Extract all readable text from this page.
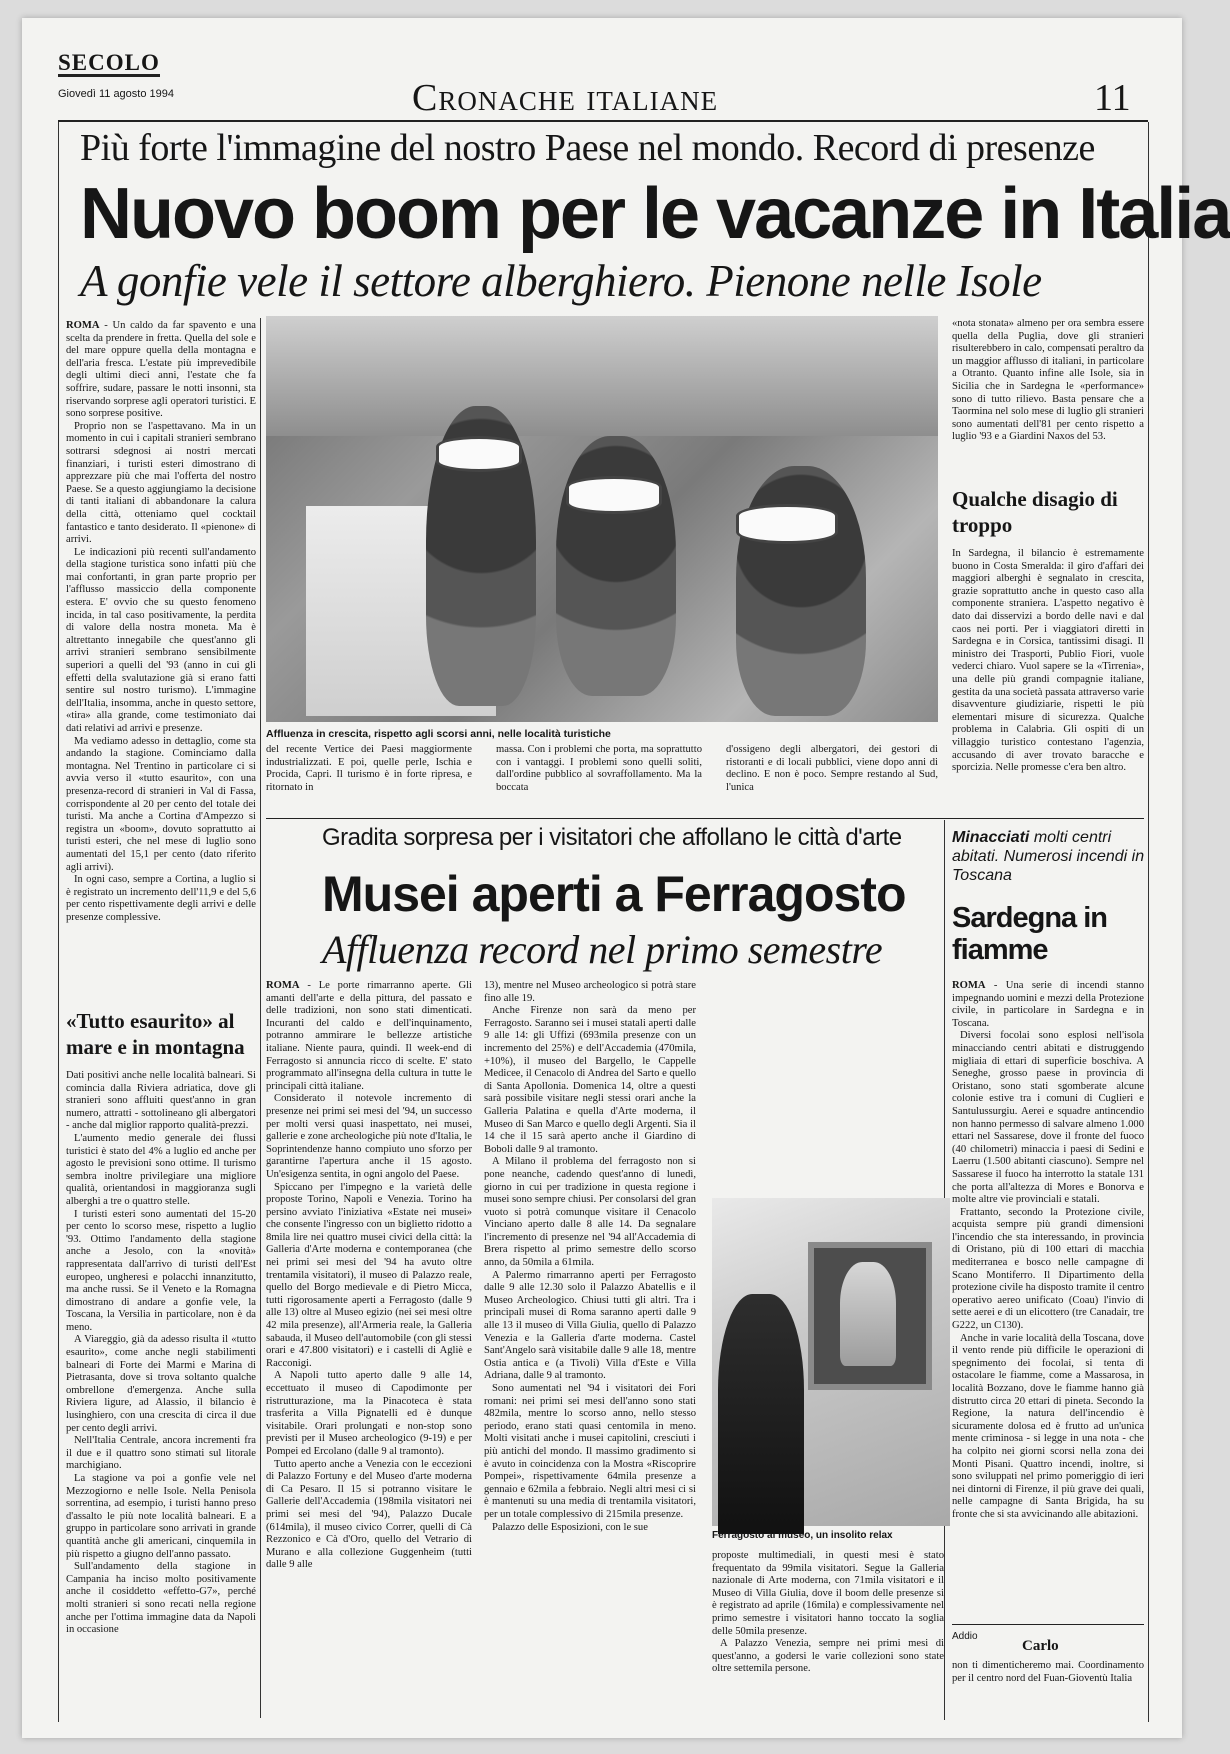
SECOLO
Giovedì 11 agosto 1994	Cronache italiane	11
Più forte l'immagine del nostro Paese nel mondo. Record di presenze
Nuovo boom per le vacanze in Italia
A gonfie vele il settore alberghiero. Pienone nelle Isole

ROMA - Un caldo da far spavento e una scelta da prendere in fretta. Quella del sole e del mare oppure quella della montagna e dell'aria fresca. L'estate più imprevedibile degli ultimi dieci anni, l'estate che fa soffrire, sudare, passare le notti insonni, sta riservando sorprese agli operatori turistici. E sono sorprese positive.

Proprio non se l'aspettavano. Ma in un momento in cui i capitali stranieri sembrano sottrarsi sdegnosi ai nostri mercati finanziari, i turisti esteri dimostrano di apprezzare più che mai l'offerta del nostro Paese. Se a questo aggiungiamo la decisione di tanti italiani di abbandonare la calura della città, otteniamo quel cocktail fantastico e tanto desiderato. Il «pienone» di arrivi.

Le indicazioni più recenti sull'andamento della stagione turistica sono infatti più che mai confortanti, in gran parte proprio per l'afflusso massiccio della componente estera. E' ovvio che su questo fenomeno incida, in tal caso positivamente, la perdita di valore della nostra moneta. Ma è altrettanto innegabile che quest'anno gli arrivi stranieri sembrano sensibilmente superiori a quelli del '93 (anno in cui gli effetti della svalutazione già si erano fatti sentire sul nostro turismo). L'immagine dell'Italia, insomma, anche in questo settore, «tira» alla grande, come testimoniato dai dati relativi ad arrivi e presenze.

Ma vediamo adesso in dettaglio, come sta andando la stagione. Cominciamo dalla montagna. Nel Trentino in particolare ci si avvia verso il «tutto esaurito», con una presenza-record di stranieri in Val di Fassa, corrispondente al 20 per cento del totale dei turisti. Ma anche a Cortina d'Ampezzo si registra un «boom», dovuto soprattutto ai turisti esteri, che nel mese di luglio sono aumentati del 15,1 per cento (dato riferito agli arrivi).

In ogni caso, sempre a Cortina, a luglio si è registrato un incremento dell'11,9 e del 5,6 per cento rispettivamente degli arrivi e delle presenze complessive.

«Tutto esaurito» al mare e in montagna

Dati positivi anche nelle località balneari. Si comincia dalla Riviera adriatica, dove gli stranieri sono affluiti quest'anno in gran numero, attratti - sottolineano gli albergatori - anche dal miglior rapporto qualità-prezzi.

L'aumento medio generale dei flussi turistici è stato del 4% a luglio ed anche per agosto le previsioni sono ottime. Il turismo sembra inoltre privilegiare una migliore qualità, orientandosi in maggioranza sugli alberghi a tre o quattro stelle.

I turisti esteri sono aumentati del 15-20 per cento lo scorso mese, rispetto a luglio '93. Ottimo l'andamento della stagione anche a Jesolo, con la «novità» rappresentata dall'arrivo di turisti dell'Est europeo, ungheresi e polacchi innanzitutto, ma anche russi. Se il Veneto e la Romagna dimostrano di andare a gonfie vele, la Toscana, la Versilia in particolare, non è da meno.

A Viareggio, già da adesso risulta il «tutto esaurito», come anche negli stabilimenti balneari di Forte dei Marmi e Marina di Pietrasanta, dove si trova soltanto qualche ombrellone d'emergenza. Anche sulla Riviera ligure, ad Alassio, il bilancio è lusinghiero, con una crescita di circa il due per cento degli arrivi.

Nell'Italia Centrale, ancora incrementi fra il due e il quattro sono stimati sul litorale marchigiano.

La stagione va poi a gonfie vele nel Mezzogiorno e nelle Isole. Nella Penisola sorrentina, ad esempio, i turisti hanno preso d'assalto le più note località balneari. E a gruppo in particolare sono arrivati in grande quantità anche gli americani, cinquemila in più rispetto a giugno dell'anno passato.

Sull'andamento della stagione in Campania ha inciso molto positivamente anche il cosiddetto «effetto-G7», perché molti stranieri si sono recati nella regione anche per l'ottima immagine data da Napoli in occasione

Affluenza in crescita, rispetto agli scorsi anni, nelle località turistiche

del recente Vertice dei Paesi maggiormente industrializzati. E poi, quelle perle, Ischia e Procida, Capri. Il turismo è in forte ripresa, e ritornato in

massa. Con i problemi che porta, ma soprattutto con i vantaggi. I problemi sono quelli soliti, dall'ordine pubblico al sovraffollamento. Ma la boccata

d'ossigeno degli albergatori, dei gestori di ristoranti e di locali pubblici, viene dopo anni di declino. E non è poco. Sempre restando al Sud, l'unica

«nota stonata» almeno per ora sembra essere quella della Puglia, dove gli stranieri risulterebbero in calo, compensati peraltro da un maggior afflusso di italiani, in particolare a Otranto. Quanto infine alle Isole, sia in Sicilia che in Sardegna le «performance» sono di tutto rilievo. Basta pensare che a Taormina nel solo mese di luglio gli stranieri sono aumentati dell'81 per cento rispetto a luglio '93 e a Giardini Naxos del 53.

Qualche disagio di troppo

In Sardegna, il bilancio è estremamente buono in Costa Smeralda: il giro d'affari dei maggiori alberghi è segnalato in crescita, grazie soprattutto anche in questo caso alla componente straniera. L'aspetto negativo è dato dai disservizi a bordo delle navi e dal caos nei porti. Per i viaggiatori diretti in Sardegna e in Corsica, tantissimi disagi. Il ministro dei Trasporti, Publio Fiori, vuole vederci chiaro. Vuol sapere se la «Tirrenia», una delle più grandi compagnie italiane, gestita da una società passata attraverso varie disavventure giudiziarie, rispetti le più elementari misure di sicurezza. Qualche problema in Calabria. Gli ospiti di un villaggio turistico contestano l'agenzia, accusando di aver trovato baracche e sporcizia. Nelle promesse c'era ben altro.

Gradita sorpresa per i visitatori che affollano le città d'arte
Musei aperti a Ferragosto
Affluenza record nel primo semestre

ROMA - Le porte rimarranno aperte. Gli amanti dell'arte e della pittura, del passato e delle tradizioni, non sono stati dimenticati. Incuranti del caldo e dell'inquinamento, potranno ammirare le bellezze artistiche italiane. Niente paura, quindi. Il week-end di Ferragosto si annuncia ricco di scelte. E' stato programmato all'insegna della cultura in tutte le principali città italiane.

Considerato il notevole incremento di presenze nei primi sei mesi del '94, un successo per molti versi quasi inaspettato, nei musei, gallerie e zone archeologiche più note d'Italia, le Soprintendenze hanno compiuto uno sforzo per garantirne l'apertura anche il 15 agosto. Un'esigenza sentita, in ogni angolo del Paese.

Spiccano per l'impegno e la varietà delle proposte Torino, Napoli e Venezia. Torino ha persino avviato l'iniziativa «Estate nei musei» che consente l'ingresso con un biglietto ridotto a 8mila lire nei quattro musei civici della città: la Galleria d'Arte moderna e contemporanea (che nei primi sei mesi del '94 ha avuto oltre trentamila visitatori), il museo di Palazzo reale, quello del Borgo medievale e di Pietro Micca, tutti rigorosamente aperti a Ferragosto (dalle 9 alle 13) oltre al Museo egizio (nei sei mesi oltre 42 mila presenze), all'Armeria reale, la Galleria sabauda, il Museo dell'automobile (con gli stessi orari e 47.800 visitatori) e i castelli di Agliè e Racconigi.

A Napoli tutto aperto dalle 9 alle 14, eccettuato il museo di Capodimonte per ristrutturazione, ma la Pinacoteca è stata trasferita a Villa Pignatelli ed è dunque visitabile. Orari prolungati e non-stop sono previsti per il Museo archeologico (9-19) e per Pompei ed Ercolano (dalle 9 al tramonto).

Tutto aperto anche a Venezia con le eccezioni di Palazzo Fortuny e del Museo d'arte moderna di Ca Pesaro. Il 15 si potranno visitare le Gallerie dell'Accademia (198mila visitatori nei primi sei mesi del '94), Palazzo Ducale (614mila), il museo civico Correr, quelli di Cà Rezzonico e Cà d'Oro, quello del Vetrario di Murano e alla collezione Guggenheim (tutti dalle 9 alle

13), mentre nel Museo archeologico si potrà stare fino alle 19.

Anche Firenze non sarà da meno per Ferragosto. Saranno sei i musei statali aperti dalle 9 alle 14: gli Uffizi (693mila presenze con un incremento del 25%) e dell'Accademia (470mila, +10%), il museo del Bargello, le Cappelle Medicee, il Cenacolo di Andrea del Sarto e quello di Santa Apollonia. Domenica 14, oltre a questi sarà possibile visitare negli stessi orari anche la Galleria Palatina e quella d'Arte moderna, il Museo di San Marco e quello degli Argenti. Sia il 14 che il 15 sarà aperto anche il Giardino di Boboli dalle 9 al tramonto.

A Milano il problema del ferragosto non si pone neanche, cadendo quest'anno di lunedì, giorno in cui per tradizione in questa regione i musei sono sempre chiusi. Per consolarsi del gran vuoto si potrà comunque visitare il Cenacolo Vinciano aperto dalle 8 alle 14. Da segnalare l'incremento di presenze nel '94 all'Accademia di Brera rispetto al primo semestre dello scorso anno, da 50mila a 61mila.

A Palermo rimarranno aperti per Ferragosto dalle 9 alle 12.30 solo il Palazzo Abatellis e il Museo Archeologico. Chiusi tutti gli altri. Tra i principali musei di Roma saranno aperti dalle 9 alle 13 il museo di Villa Giulia, quello di Palazzo Venezia e la Galleria d'arte moderna. Castel Sant'Angelo sarà visitabile dalle 9 alle 18, mentre Ostia antica e (a Tivoli) Villa d'Este e Villa Adriana, dalle 9 al tramonto.

Sono aumentati nel '94 i visitatori dei Fori romani: nei primi sei mesi dell'anno sono stati 482mila, mentre lo scorso anno, nello stesso periodo, erano stati quasi centomila in meno. Molti visitati anche i musei capitolini, cresciuti i più antichi del mondo. Il massimo gradimento si è avuto in coincidenza con la Mostra «Riscoprire Pompei», rispettivamente 64mila presenze a gennaio e 62mila a febbraio. Negli altri mesi ci si è mantenuti su una media di trentamila visitatori, per un totale complessivo di 215mila presenze.

Palazzo delle Esposizioni, con le sue

Ferragosto al museo, un insolito relax

proposte multimediali, in questi mesi è stato frequentato da 99mila visitatori. Segue la Galleria nazionale di Arte moderna, con 71mila visitatori e il Museo di Villa Giulia, dove il boom delle presenze si è registrato ad aprile (16mila) e complessivamente nel primo semestre i visitatori hanno toccato la soglia delle 50mila presenze.

A Palazzo Venezia, sempre nei primi mesi di quest'anno, a godersi le varie collezioni sono state oltre settemila persone.

Minacciati molti centri abitati. Numerosi incendi in Toscana
Sardegna in fiamme

ROMA - Una serie di incendi stanno impegnando uomini e mezzi della Protezione civile, in particolare in Sardegna e in Toscana.

Diversi focolai sono esplosi nell'isola minacciando centri abitati e distruggendo migliaia di ettari di superficie boschiva. A Seneghe, grosso paese in provincia di Oristano, sono stati sgomberate alcune colonie estive tra i comuni di Cuglieri e Santulussurgiu. Aerei e squadre antincendio non hanno permesso di salvare almeno 1.000 ettari nel Sassarese, dove il fronte del fuoco (40 chilometri) minaccia i paesi di Sedini e Laerru (1.500 abitanti ciascuno). Sempre nel Sassarese il fuoco ha interrotto la statale 131 che porta all'altezza di Mores e Bonorva e molte altre vie provinciali e statali.

Frattanto, secondo la Protezione civile, acquista sempre più grandi dimensioni l'incendio che sta interessando, in provincia di Oristano, più di 100 ettari di macchia mediterranea e bosco nelle campagne di Scano Montiferro. Il Dipartimento della protezione civile ha disposto tramite il centro operativo aereo unificato (Coau) l'invio di sette aerei e di un elicottero (tre Canadair, tre G222, un C130).

Anche in varie località della Toscana, dove il vento rende più difficile le operazioni di spegnimento dei focolai, si tenta di ostacolare le fiamme, come a Massarosa, in località Bozzano, dove le fiamme hanno già distrutto circa 20 ettari di pineta. Secondo la Regione, la natura dell'incendio è sicuramente dolosa ed è frutto ad un'unica mente criminosa - si legge in una nota - che ha colpito nei giorni scorsi nella zona dei Monti Pisani. Quattro incendi, inoltre, si sono sviluppati nel primo pomeriggio di ieri nei dintorni di Firenze, il più grave dei quali, nelle campagne di Santa Brigida, ha su fronte che si sta avvicinando alle abitazioni.

Addio
Carlo

non ti dimenticheremo mai. Coordinamento per il centro nord del Fuan-Gioventù Italia
